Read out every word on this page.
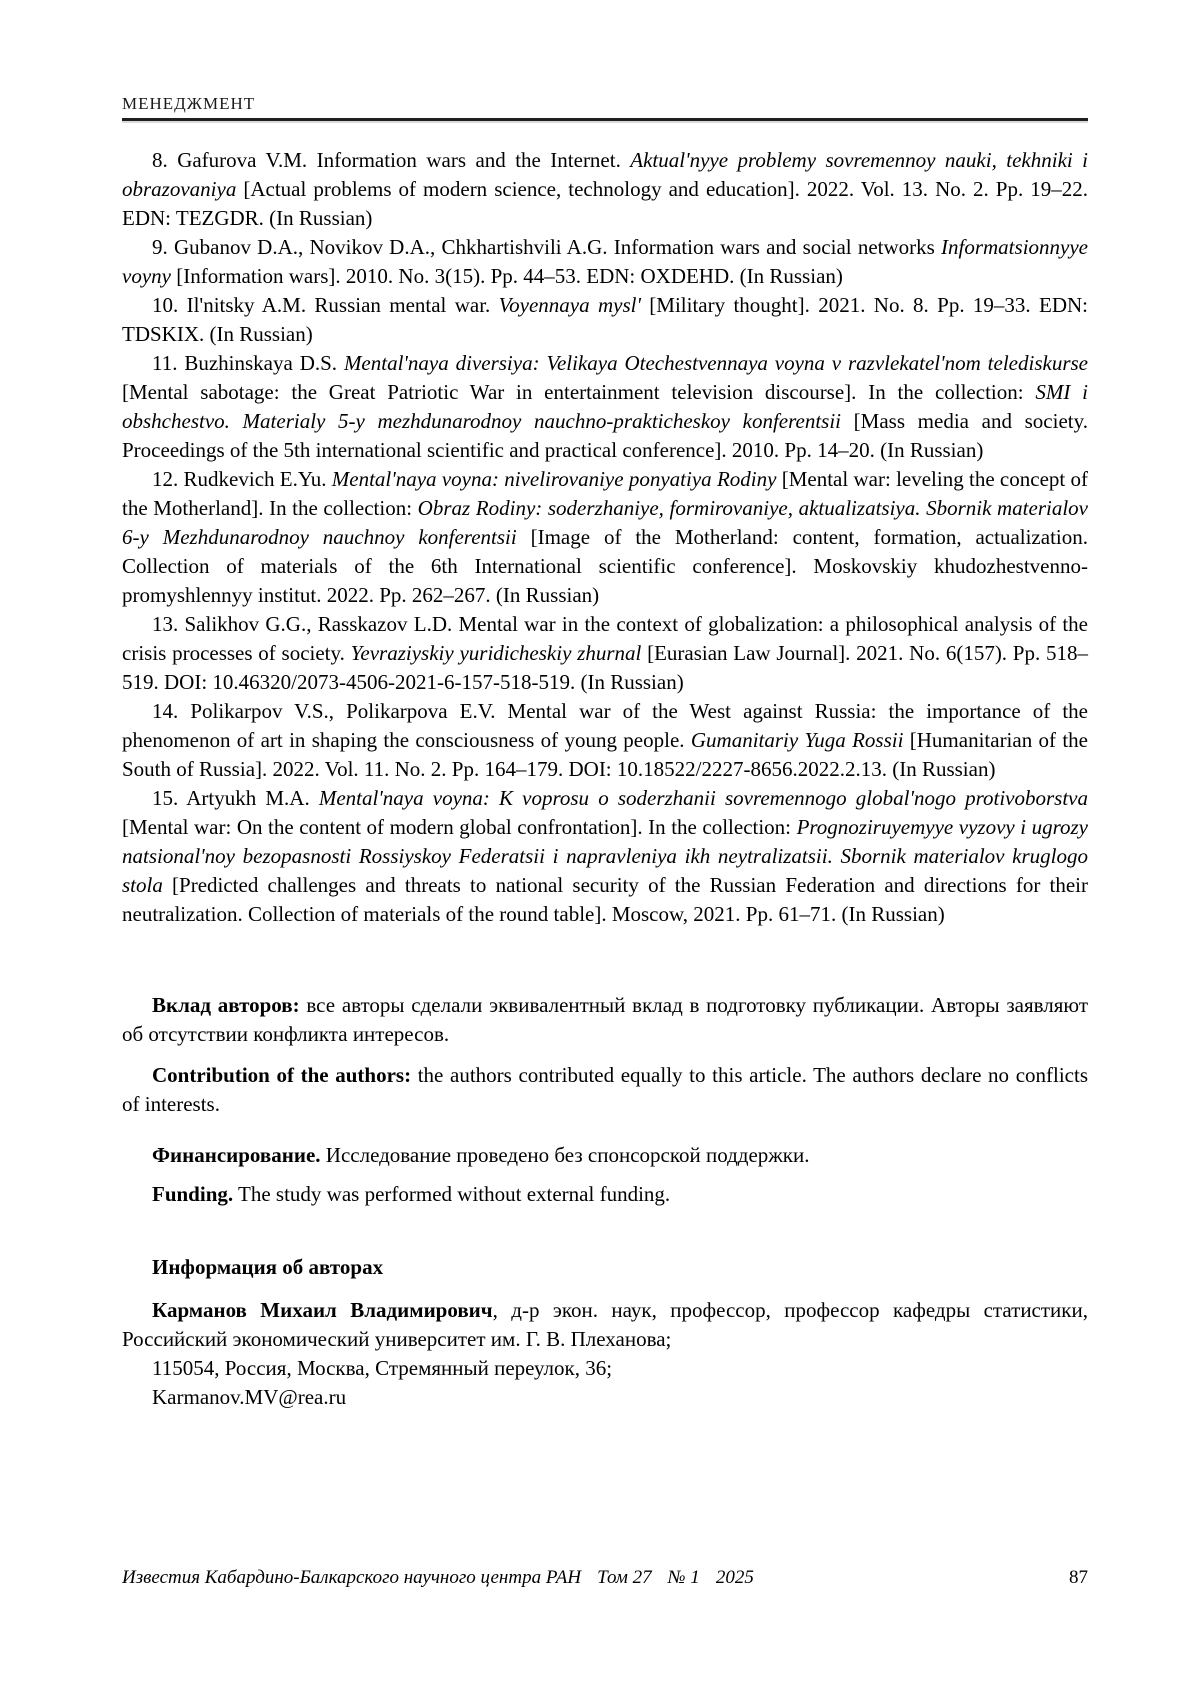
МЕНЕДЖМЕНТ

8. Gafurova V.M. Information wars and the Internet. Aktual'nyye problemy sovremennoy nauki, tekhniki i obrazovaniya [Actual problems of modern science, technology and education]. 2022. Vol. 13. No. 2. Pp. 19–22. EDN: TEZGDR. (In Russian)

9. Gubanov D.A., Novikov D.A., Chkhartishvili A.G. Information wars and social networks Informatsionnyye voyny [Information wars]. 2010. No. 3(15). Pp. 44–53. EDN: OXDEHD. (In Russian)

10. Il'nitsky A.M. Russian mental war. Voyennaya mysl' [Military thought]. 2021. No. 8. Pp. 19–33. EDN: TDSKIX. (In Russian)

11. Buzhinskaya D.S. Mental'naya diversiya: Velikaya Otechestvennaya voyna v razvlekatel'nom telediskurse [Mental sabotage: the Great Patriotic War in entertainment television discourse]. In the collection: SMI i obshchestvo. Materialy 5-y mezhdunarodnoy nauchno-prakticheskoy konferentsii [Mass media and society. Proceedings of the 5th international scientific and practical conference]. 2010. Pp. 14–20. (In Russian)

12. Rudkevich E.Yu. Mental'naya voyna: nivelirovaniye ponyatiya Rodiny [Mental war: leveling the concept of the Motherland]. In the collection: Obraz Rodiny: soderzhaniye, formirovaniye, aktualizatsiya. Sbornik materialov 6-y Mezhdunarodnoy nauchnoy konferentsii [Image of the Motherland: content, formation, actualization. Collection of materials of the 6th International scientific conference]. Moskovskiy khudozhestvenno-promyshlennyy institut. 2022. Pp. 262–267. (In Russian)

13. Salikhov G.G., Rasskazov L.D. Mental war in the context of globalization: a philosophical analysis of the crisis processes of society. Yevraziyskiy yuridicheskiy zhurnal [Eurasian Law Journal]. 2021. No. 6(157). Pp. 518–519. DOI: 10.46320/2073-4506-2021-6-157-518-519. (In Russian)

14. Polikarpov V.S., Polikarpova E.V. Mental war of the West against Russia: the importance of the phenomenon of art in shaping the consciousness of young people. Gumanitariy Yuga Rossii [Humanitarian of the South of Russia]. 2022. Vol. 11. No. 2. Pp. 164–179. DOI: 10.18522/2227-8656.2022.2.13. (In Russian)

15. Artyukh M.A. Mental'naya voyna: K voprosu o soderzhanii sovremennogo global'nogo protivoborstva [Mental war: On the content of modern global confrontation]. In the collection: Prognoziruyemyye vyzovy i ugrozy natsional'noy bezopasnosti Rossiyskoy Federatsii i napravleniya ikh neytralizatsii. Sbornik materialov kruglogo stola [Predicted challenges and threats to national security of the Russian Federation and directions for their neutralization. Collection of materials of the round table]. Moscow, 2021. Pp. 61–71. (In Russian)

Вклад авторов: все авторы сделали эквивалентный вклад в подготовку публикации. Авторы заявляют об отсутствии конфликта интересов.

Contribution of the authors: the authors contributed equally to this article. The authors declare no conflicts of interests.

Финансирование. Исследование проведено без спонсорской поддержки.

Funding. The study was performed without external funding.

Информация об авторах

Карманов Михаил Владимирович, д-р экон. наук, профессор, профессор кафедры статистики, Российский экономический университет им. Г. В. Плеханова;

115054, Россия, Москва, Стремянный переулок, 36;

Karmanov.MV@rea.ru

Известия Кабардино-Балкарского научного центра РАН Том 27 № 1 2025	87
